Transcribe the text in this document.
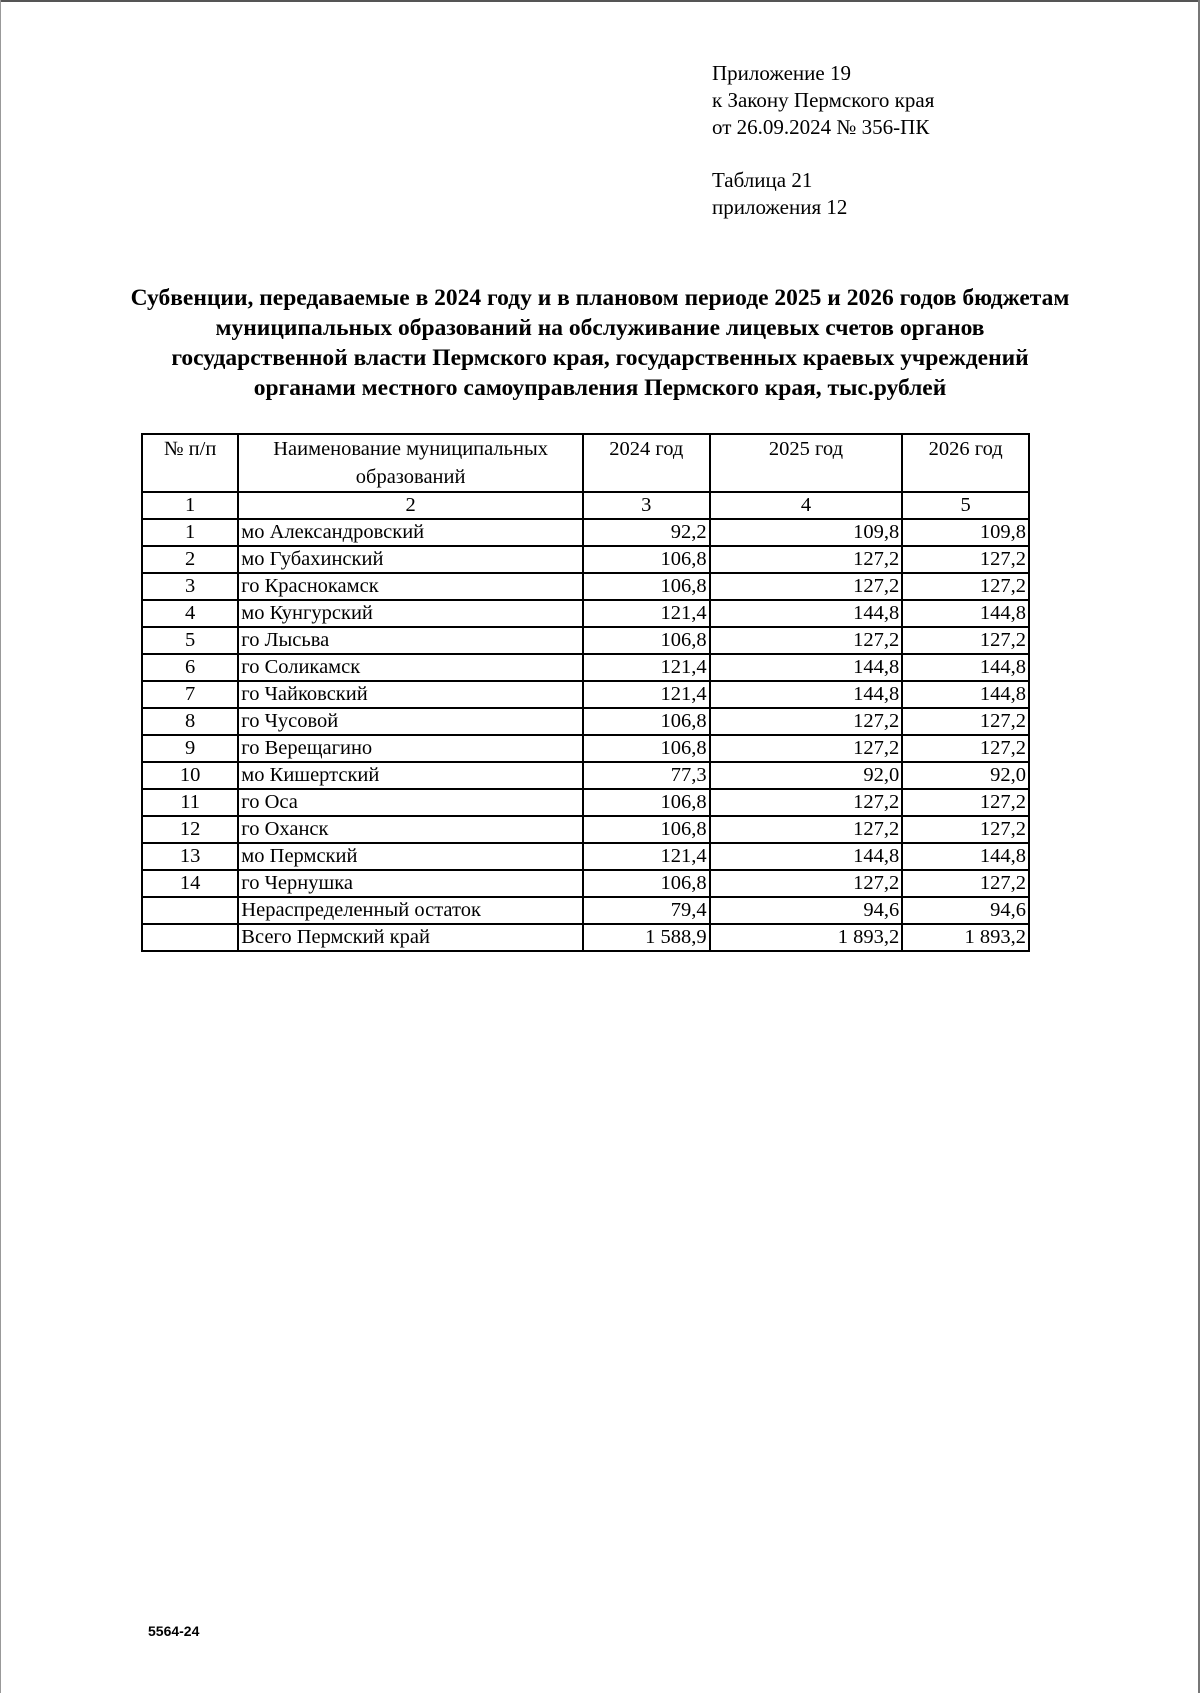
Приложение 19
к Закону Пермского края
от 26.09.2024 № 356-ПК
Таблица 21
приложения 12
Субвенции, передаваемые в 2024 году и в плановом периоде 2025 и 2026 годов бюджетам муниципальных образований на обслуживание лицевых счетов органов государственной власти Пермского края, государственных краевых учреждений органами местного самоуправления Пермского края, тыс.рублей
№ п/п	Наименование муниципальных образований	2024 год	2025 год	2026 год
1	2	3	4	5
1	мо Александровский	92,2	109,8	109,8
2	мо Губахинский	106,8	127,2	127,2
3	го Краснокамск	106,8	127,2	127,2
4	мо Кунгурский	121,4	144,8	144,8
5	го Лысьва	106,8	127,2	127,2
6	го Соликамск	121,4	144,8	144,8
7	го Чайковский	121,4	144,8	144,8
8	го Чусовой	106,8	127,2	127,2
9	го Верещагино	106,8	127,2	127,2
10	мо Кишертский	77,3	92,0	92,0
11	го Оса	106,8	127,2	127,2
12	го Оханск	106,8	127,2	127,2
13	мо Пермский	121,4	144,8	144,8
14	го Чернушка	106,8	127,2	127,2
	Нераспределенный остаток	79,4	94,6	94,6
	Всего Пермский край	1 588,9	1 893,2	1 893,2
5564-24
